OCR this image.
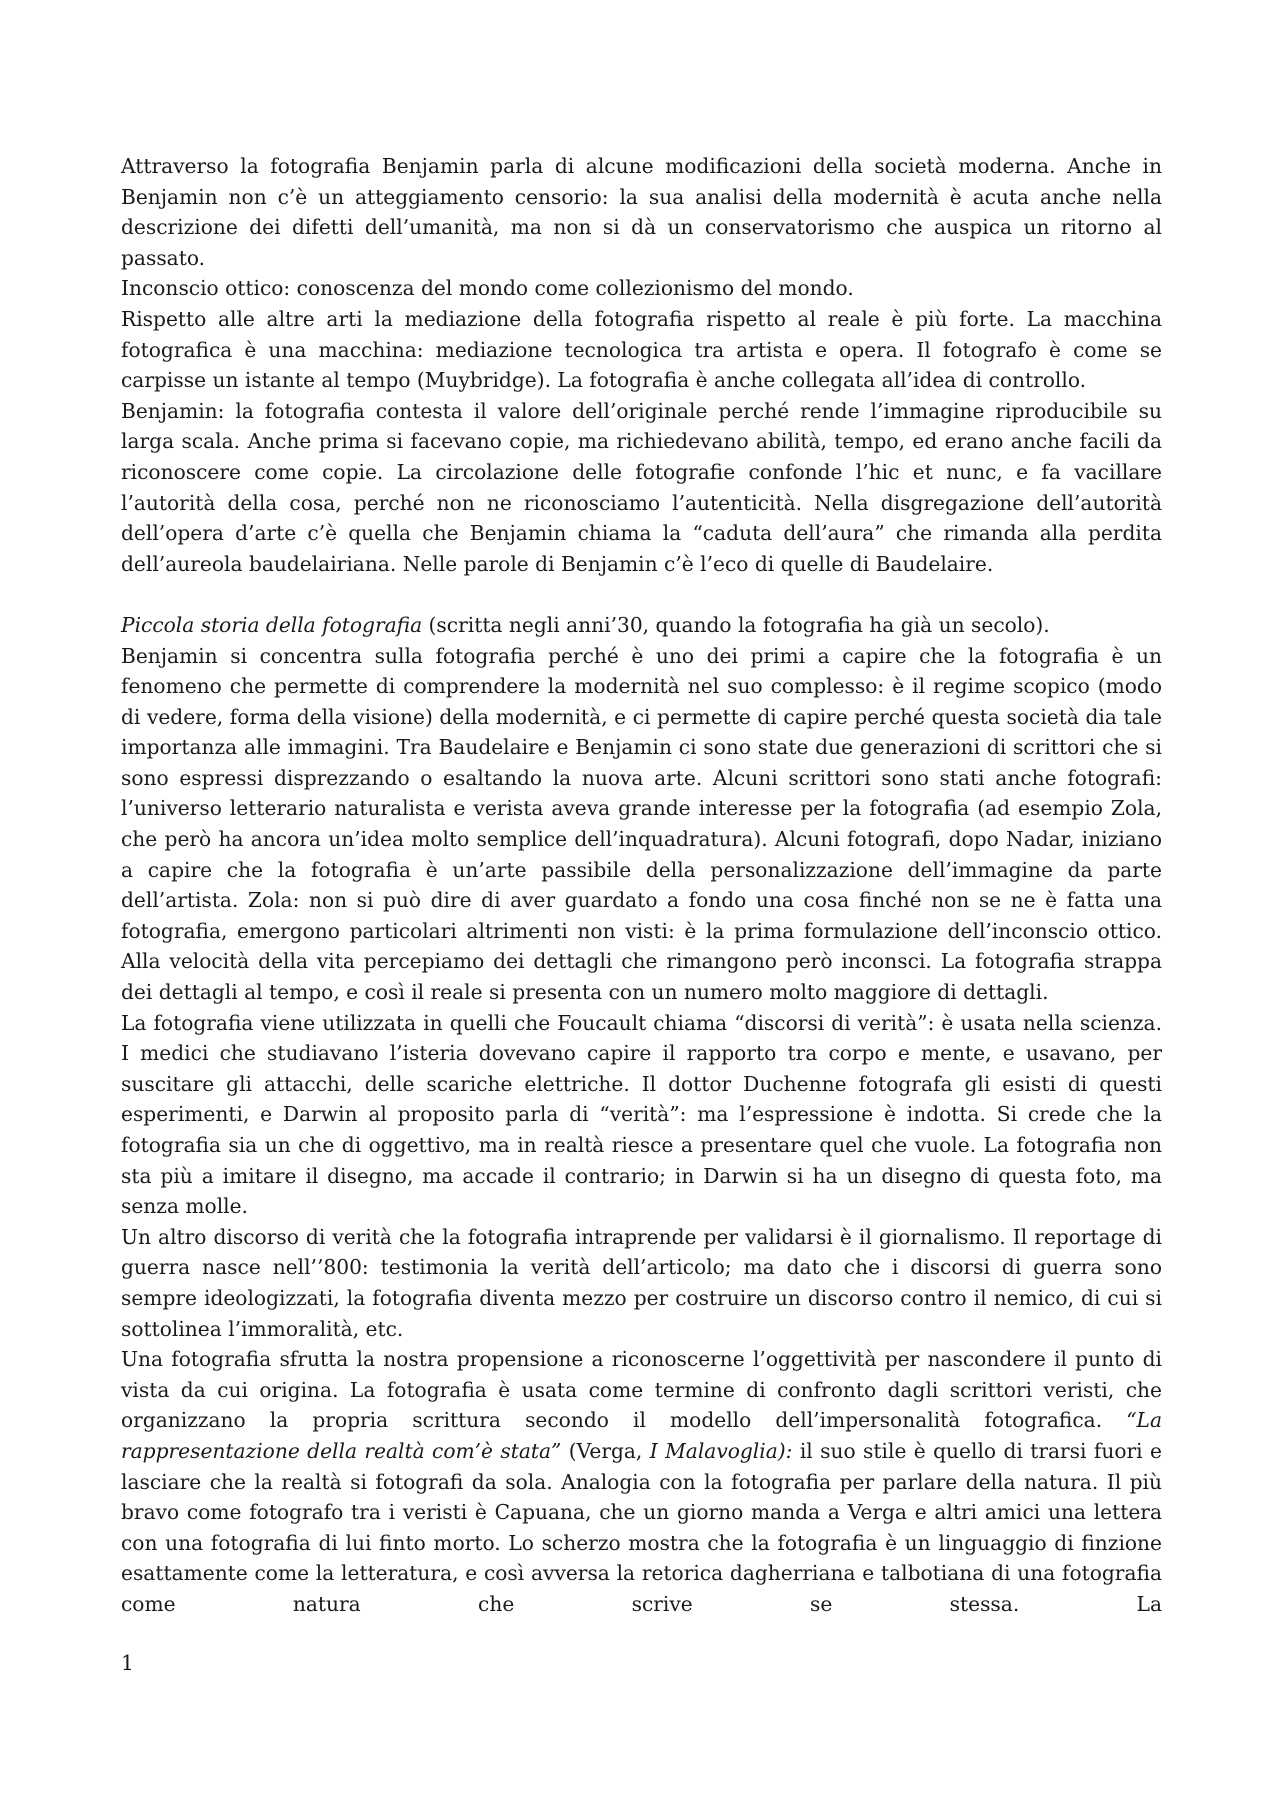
Attraverso la fotografia Benjamin parla di alcune modificazioni della società moderna. Anche in Benjamin non c’è un atteggiamento censorio: la sua analisi della modernità è acuta anche nella descrizione dei difetti dell’umanità, ma non si dà un conservatorismo che auspica un ritorno al passato.

Inconscio ottico: conoscenza del mondo come collezionismo del mondo.

Rispetto alle altre arti la mediazione della fotografia rispetto al reale è più forte. La macchina fotografica è una macchina: mediazione tecnologica tra artista e opera. Il fotografo è come se carpisse un istante al tempo (Muybridge). La fotografia è anche collegata all’idea di controllo.

Benjamin: la fotografia contesta il valore dell’originale perché rende l’immagine riproducibile su larga scala. Anche prima si facevano copie, ma richiedevano abilità, tempo, ed erano anche facili da riconoscere come copie. La circolazione delle fotografie confonde l’hic et nunc, e fa vacillare l’autorità della cosa, perché non ne riconosciamo l’autenticità. Nella disgregazione dell’autorità dell’opera d’arte c’è quella che Benjamin chiama la “caduta dell’aura” che rimanda alla perdita dell’aureola baudelairiana. Nelle parole di Benjamin c’è l’eco di quelle di Baudelaire.

Piccola storia della fotografia (scritta negli anni’30, quando la fotografia ha già un secolo).

Benjamin si concentra sulla fotografia perché è uno dei primi a capire che la fotografia è un fenomeno che permette di comprendere la modernità nel suo complesso: è il regime scopico (modo di vedere, forma della visione) della modernità, e ci permette di capire perché questa società dia tale importanza alle immagini. Tra Baudelaire e Benjamin ci sono state due generazioni di scrittori che si sono espressi disprezzando o esaltando la nuova arte. Alcuni scrittori sono stati anche fotografi: l’universo letterario naturalista e verista aveva grande interesse per la fotografia (ad esempio Zola, che però ha ancora un’idea molto semplice dell’inquadratura). Alcuni fotografi, dopo Nadar, iniziano a capire che la fotografia è un’arte passibile della personalizzazione dell’immagine da parte dell’artista. Zola: non si può dire di aver guardato a fondo una cosa finché non se ne è fatta una fotografia, emergono particolari altrimenti non visti: è la prima formulazione dell’inconscio ottico. Alla velocità della vita percepiamo dei dettagli che rimangono però inconsci. La fotografia strappa dei dettagli al tempo, e così il reale si presenta con un numero molto maggiore di dettagli.

La fotografia viene utilizzata in quelli che Foucault chiama “discorsi di verità”: è usata nella scienza. I medici che studiavano l’isteria dovevano capire il rapporto tra corpo e mente, e usavano, per suscitare gli attacchi, delle scariche elettriche. Il dottor Duchenne fotografa gli esisti di questi esperimenti, e Darwin al proposito parla di “verità”: ma l’espressione è indotta. Si crede che la fotografia sia un che di oggettivo, ma in realtà riesce a presentare quel che vuole. La fotografia non sta più a imitare il disegno, ma accade il contrario; in Darwin si ha un disegno di questa foto, ma senza molle.

Un altro discorso di verità che la fotografia intraprende per validarsi è il giornalismo. Il reportage di guerra nasce nell’’800: testimonia la verità dell’articolo; ma dato che i discorsi di guerra sono sempre ideologizzati, la fotografia diventa mezzo per costruire un discorso contro il nemico, di cui si sottolinea l’immoralità, etc.

Una fotografia sfrutta la nostra propensione a riconoscerne l’oggettività per nascondere il punto di vista da cui origina. La fotografia è usata come termine di confronto dagli scrittori veristi, che organizzano la propria scrittura secondo il modello dell’impersonalità fotografica. “La rappresentazione della realtà com’è stata” (Verga, I Malavoglia): il suo stile è quello di trarsi fuori e lasciare che la realtà si fotografi da sola. Analogia con la fotografia per parlare della natura. Il più bravo come fotografo tra i veristi è Capuana, che un giorno manda a Verga e altri amici una lettera con una fotografia di lui finto morto. Lo scherzo mostra che la fotografia è un linguaggio di finzione esattamente come la letteratura, e così avversa la retorica dagherriana e talbotiana di una fotografia come natura che scrive se stessa. La

1
